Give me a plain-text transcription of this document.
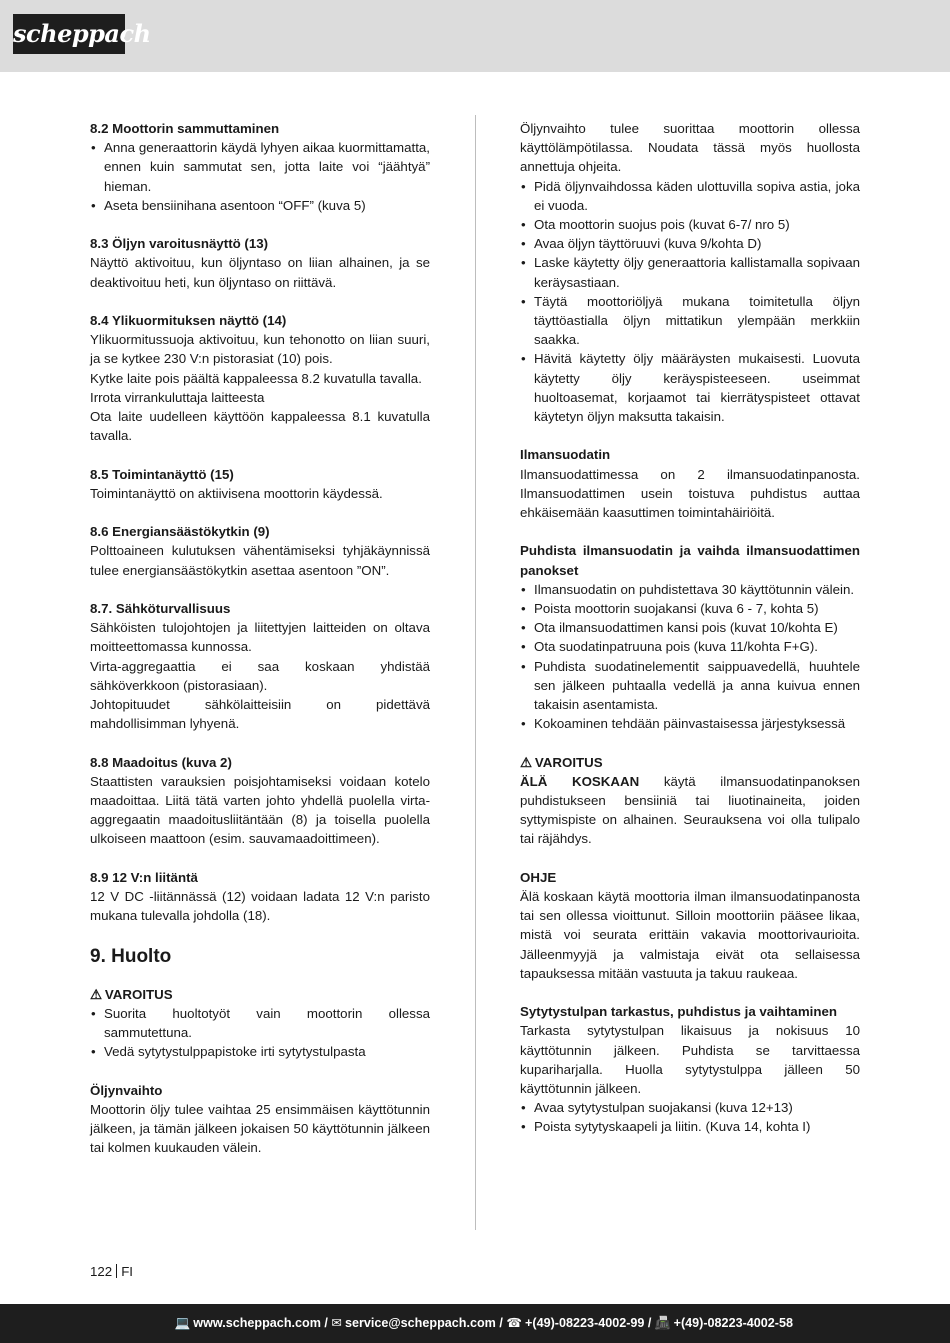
scheppach
8.2 Moottorin sammuttaminen
• Anna generaattorin käydä lyhyen aikaa kuormittamatta, ennen kuin sammutat sen, jotta laite voi “jäähtyä” hieman.
• Aseta bensiinihana asentoon “OFF” (kuva 5)
8.3 Öljyn varoitusnäyttö (13)
Näyttö aktivoituu, kun öljyntaso on liian alhainen, ja se deaktivoituu heti, kun öljyntaso on riittävä.
8.4 Ylikuormituksen näyttö (14)
Ylikuormitussuoja aktivoituu, kun tehonotto on liian suuri, ja se kytkee 230 V:n pistorasiat (10) pois.
Kytke laite pois päältä kappaleessa 8.2 kuvatulla tavalla.
Irrota virrankuluttaja laitteesta
Ota laite uudelleen käyttöön kappaleessa 8.1 kuvatulla tavalla.
8.5 Toimintanäyttö (15)
Toimintanäyttö on aktiivisena moottorin käydessä.
8.6 Energiansäästökytkin (9)
Polttoaineen kulutuksen vähentämiseksi tyhjäkäynnissä tulee energiansäästökytkin asettaa asentoon ”ON”.
8.7. Sähköturvallisuus
Sähköisten tulojohtojen ja liitettyjen laitteiden on oltava moitteettomassa kunnossa.
Virta-aggregaattia ei saa koskaan yhdistää sähköverkkoon (pistorasiaan).
Johtopituudet sähkölaitteisiin on pidettävä mahdollisimman lyhyenä.
8.8 Maadoitus (kuva 2)
Staattisten varauksien poisjohtamiseksi voidaan kotelo maadoittaa. Liitä tätä varten johto yhdellä puolella virta-aggregaatin maadoitusliitäntään (8) ja toisella puolella ulkoiseen maattoon (esim. sauvamaadoittimeen).
8.9 12 V:n liitäntä
12 V DC -liitännässä (12) voidaan ladata 12 V:n paristo mukana tulevalla johdolla (18).
9. Huolto
⚠ VAROITUS
• Suorita huoltotyöt vain moottorin ollessa sammutettuna.
• Vedä sytytystulppapistoke irti sytytystulpasta
Öljynvaihto
Moottorin öljy tulee vaihtaa 25 ensimmäisen käyttötunnin jälkeen, ja tämän jälkeen jokaisen 50 käyttötunnin jälkeen tai kolmen kuukauden välein.
Öljynvaihto tulee suorittaa moottorin ollessa käyttölämpötilassa. Noudata tässä myös huollosta annettuja ohjeita.
• Pidä öljynvaihdossa käden ulottuvilla sopiva astia, joka ei vuoda.
• Ota moottorin suojus pois (kuvat 6-7/ nro 5)
• Avaa öljyn täyttöruuvi (kuva 9/kohta D)
• Laske käytetty öljy generaattoria kallistamalla sopivaan keräysastiaan.
• Täytä moottoriöljyä mukana toimitetulla öljyn täyttöastialla öljyn mittatikun ylempään merkkiin saakka.
• Hävitä käytetty öljy määräysten mukaisesti. Luovuta käytetty öljy keräyspisteeseen. useimmat huoltoasemat, korjaamot tai kierrätyspisteet ottavat käytetyn öljyn maksutta takaisin.
Ilmansuodatin
Ilmansuodattimessa on 2 ilmansuodatinpanosta. Ilmansuodattimen usein toistuva puhdistus auttaa ehkäisemään kaasuttimen toimintahäiriöitä.
Puhdista ilmansuodatin ja vaihda ilmansuodattimen panokset
• Ilmansuodatin on puhdistettava 30 käyttötunnin välein.
• Poista moottorin suojakansi (kuva 6 - 7, kohta 5)
• Ota ilmansuodattimen kansi pois (kuvat 10/kohta E)
• Ota suodatinpatruuna pois (kuva 11/kohta F+G).
• Puhdista suodatinelementit saippuavedellä, huuhtele sen jälkeen puhtaalla vedellä ja anna kuivua ennen takaisin asentamista.
• Kokoaminen tehdään päinvastaisessa järjestyksessä
⚠ VAROITUS
ÄLÄ KOSKAAN käytä ilmansuodatinpanoksen puhdistukseen bensiiniä tai liuotinaineita, joiden syttymispiste on alhainen. Seurauksena voi olla tulipalo tai räjähdys.
OHJE
Älä koskaan käytä moottoria ilman ilmansuodatinpanosta tai sen ollessa vioittunut. Silloin moottoriin pääsee likaa, mistä voi seurata erittäin vakavia moottorivaurioita. Jälleenmyyjä ja valmistaja eivät ota sellaisessa tapauksessa mitään vastuuta ja takuu raukeaa.
Sytytystulpan tarkastus, puhdistus ja vaihtaminen
Tarkasta sytytystulpan likaisuus ja nokisuus 10 käyttötunnin jälkeen. Puhdista se tarvittaessa kupariharjalla. Huolla sytytystulppa jälleen 50 käyttötunnin jälkeen.
• Avaa sytytystulpan suojakansi (kuva 12+13)
• Poista sytytyskaapeli ja liitin. (Kuva 14, kohta I)
122 FI
💻 www.scheppach.com / ✉ service@scheppach.com / ☎ +(49)-08223-4002-99 / 📠 +(49)-08223-4002-58
